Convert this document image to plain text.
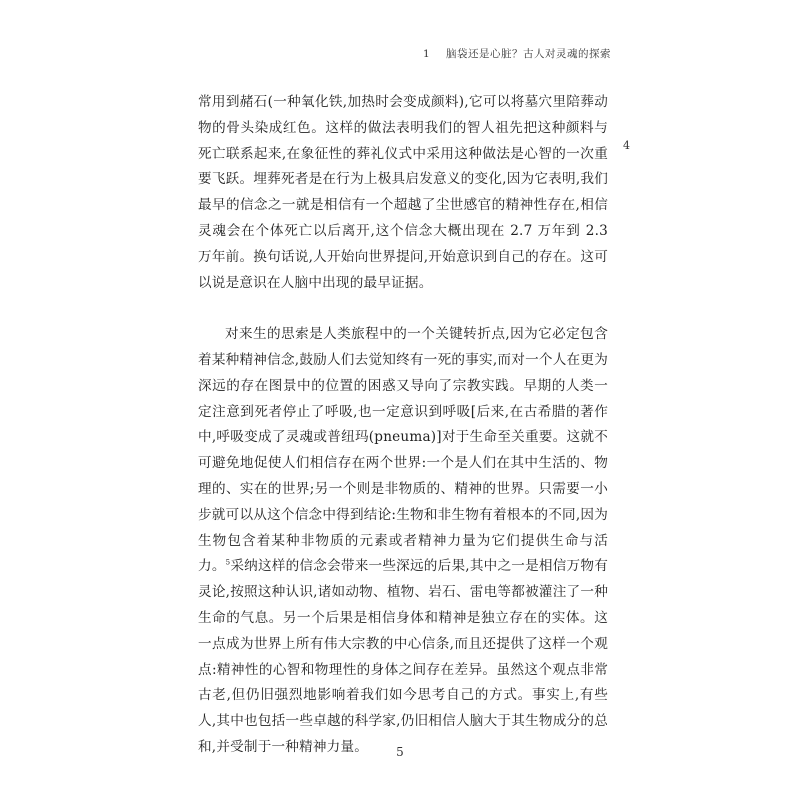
1 脑袋还是心脏？古人对灵魂的探索
4

常用到赭石(一种氧化铁,加热时会变成颜料),它可以将墓穴里陪葬动物的骨头染成红色。这样的做法表明我们的智人祖先把这种颜料与死亡联系起来,在象征性的葬礼仪式中采用这种做法是心智的一次重要飞跃。埋葬死者是在行为上极具启发意义的变化,因为它表明,我们最早的信念之一就是相信有一个超越了尘世感官的精神性存在,相信灵魂会在个体死亡以后离开,这个信念大概出现在 2.7 万年到 2.3 万年前。换句话说,人开始向世界提问,开始意识到自己的存在。这可以说是意识在人脑中出现的最早证据。

对来生的思索是人类旅程中的一个关键转折点,因为它必定包含着某种精神信念,鼓励人们去觉知终有一死的事实,而对一个人在更为深远的存在图景中的位置的困惑又导向了宗教实践。早期的人类一定注意到死者停止了呼吸,也一定意识到呼吸[后来,在古希腊的著作中,呼吸变成了灵魂或普纽玛(pneuma)]对于生命至关重要。这就不可避免地促使人们相信存在两个世界:一个是人们在其中生活的、物理的、实在的世界;另一个则是非物质的、精神的世界。只需要一小步就可以从这个信念中得到结论:生物和非生物有着根本的不同,因为生物包含着某种非物质的元素或者精神力量为它们提供生命与活力。$^5$采纳这样的信念会带来一些深远的后果,其中之一是相信万物有灵论,按照这种认识,诸如动物、植物、岩石、雷电等都被灌注了一种生命的气息。另一个后果是相信身体和精神是独立存在的实体。这一点成为世界上所有伟大宗教的中心信条,而且还提供了这样一个观点:精神性的心智和物理性的身体之间存在差异。虽然这个观点非常古老,但仍旧强烈地影响着我们如今思考自己的方式。事实上,有些人,其中也包括一些卓越的科学家,仍旧相信人脑大于其生物成分的总和,并受制于一种精神力量。	5
